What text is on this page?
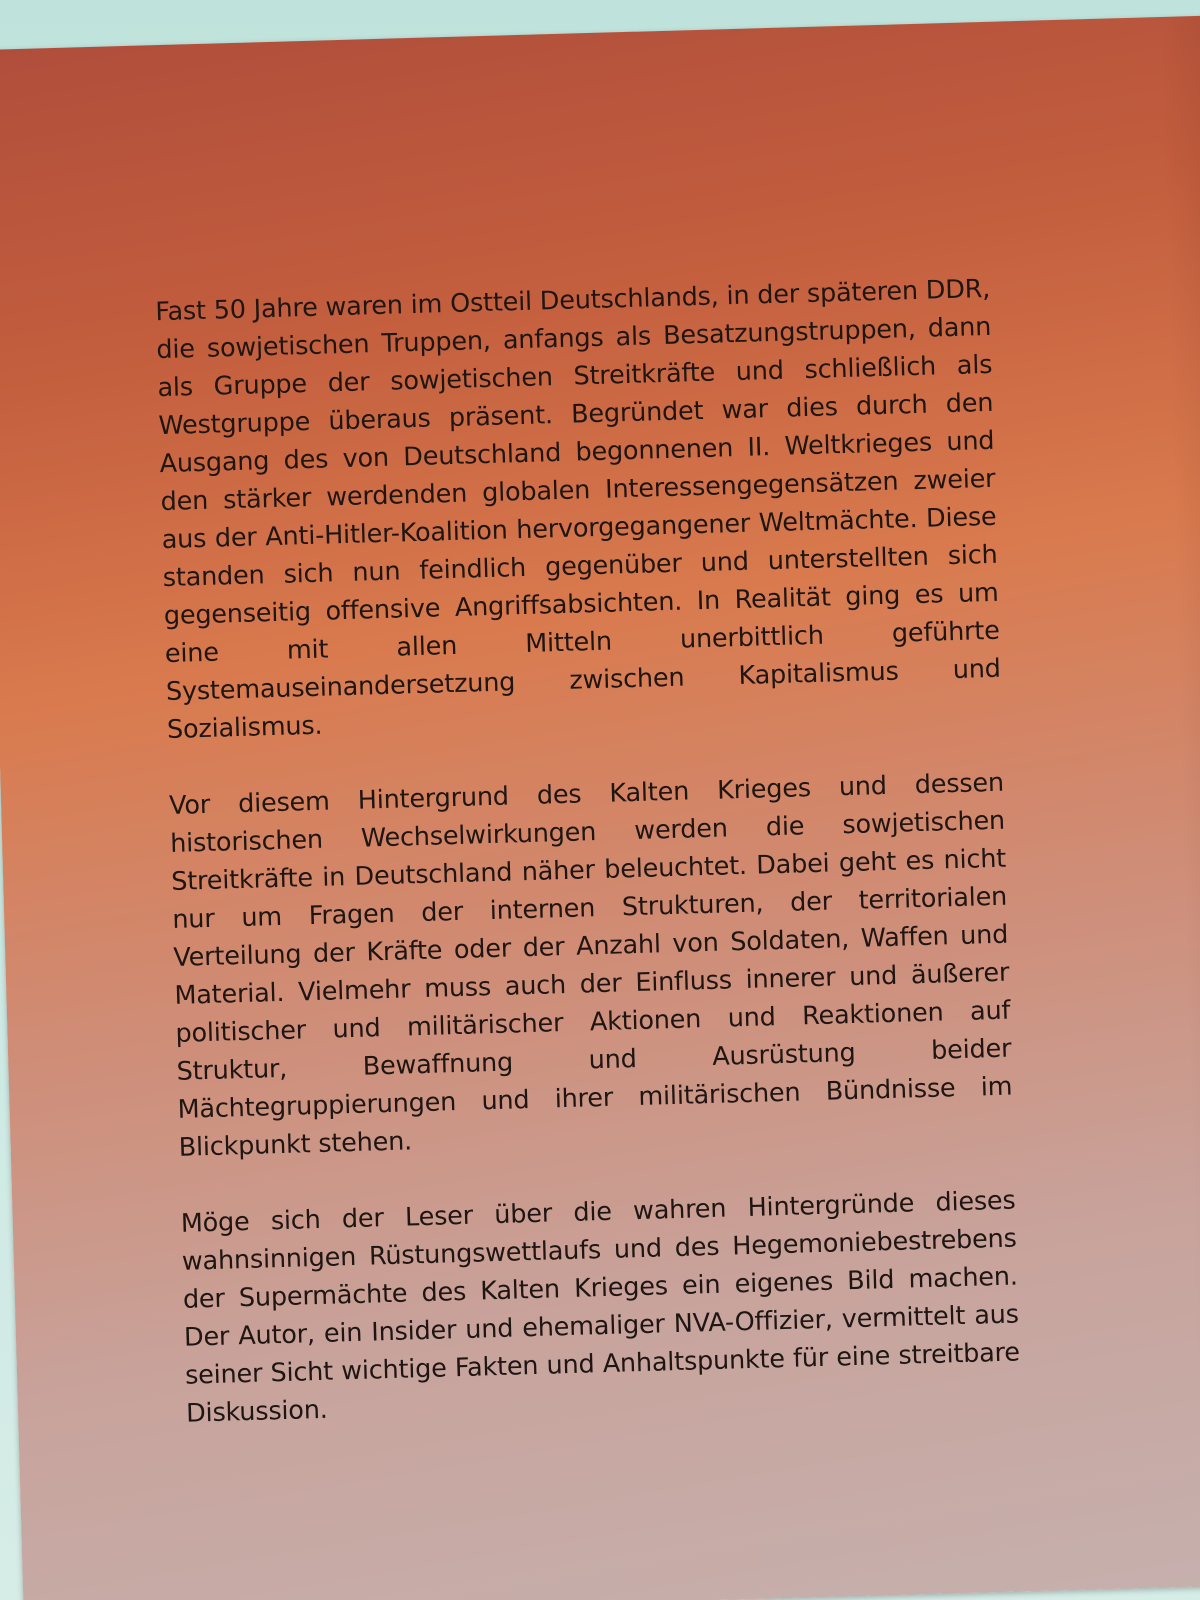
Fast 50 Jahre waren im Ostteil Deutschlands, in der späteren DDR, die sowjetischen Truppen, anfangs als Besatzungstruppen, dann als Gruppe der sowjetischen Streitkräfte und schließlich als Westgruppe überaus präsent. Begründet war dies durch den Ausgang des von Deutschland begonnenen II. Weltkrieges und den stärker werdenden globalen Interessengegensätzen zweier aus der Anti-Hitler-Koalition hervorgegangener Weltmächte. Diese standen sich nun feindlich gegenüber und unterstellten sich gegenseitig offensive Angriffsabsichten. In Realität ging es um eine mit allen Mitteln unerbittlich geführte Systemauseinandersetzung zwischen Kapitalismus und Sozialismus.

Vor diesem Hintergrund des Kalten Krieges und dessen historischen Wechselwirkungen werden die sowjetischen Streitkräfte in Deutschland näher beleuchtet. Dabei geht es nicht nur um Fragen der internen Strukturen, der territorialen Verteilung der Kräfte oder der Anzahl von Soldaten, Waffen und Material. Vielmehr muss auch der Einfluss innerer und äußerer politischer und militärischer Aktionen und Reaktionen auf Struktur, Bewaffnung und Ausrüstung beider Mächtegruppierungen und ihrer militärischen Bündnisse im Blickpunkt stehen.

Möge sich der Leser über die wahren Hintergründe dieses wahnsinnigen Rüstungswettlaufs und des Hegemoniebestrebens der Supermächte des Kalten Krieges ein eigenes Bild machen. Der Autor, ein Insider und ehemaliger NVA-Offizier, vermittelt aus seiner Sicht wichtige Fakten und Anhaltspunkte für eine streitbare Diskussion.
